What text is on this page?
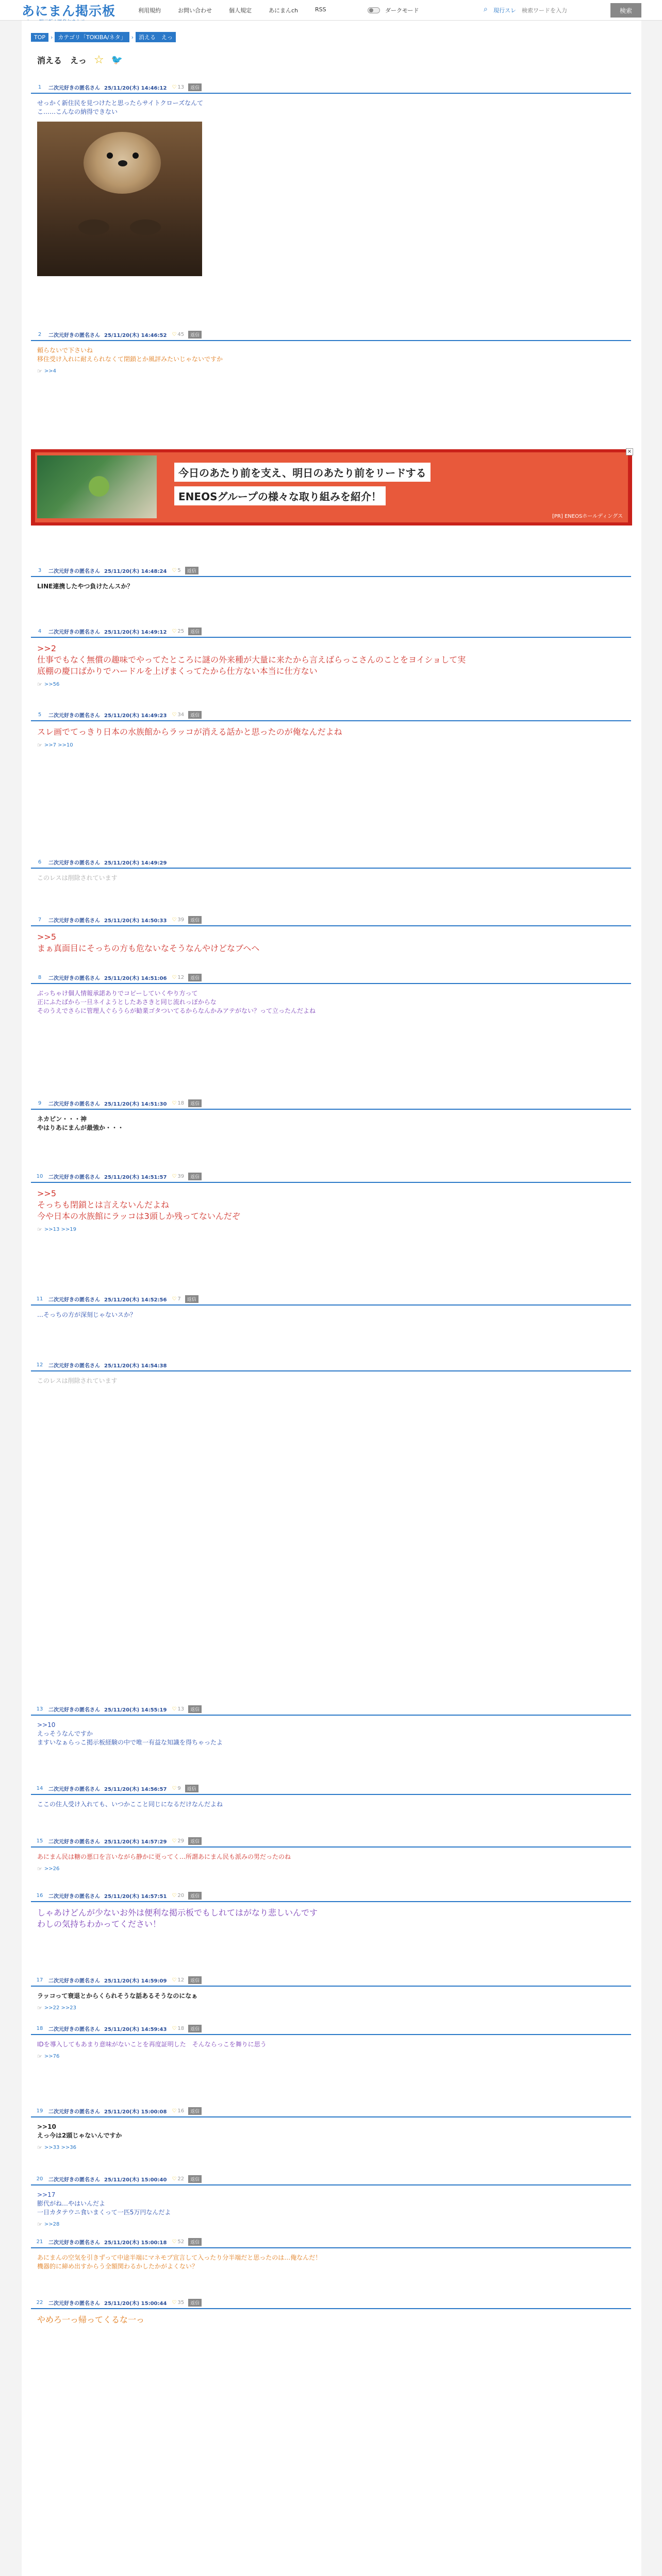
あにまん掲示板	利用規約	お問い合わせ	個人規定	あにまんch	RSS	ダークモード	⌕ 現行スレ
検索ワードを入力	検索
TOP › カテゴリ「TOKIBA/ネタ」 › 消える　えっ
消える　えっ ☆ 🐦
1	二次元好きの匿名さん 25/11/20(木) 14:46:12 ♡ 13	返信
せっかく新住民を見つけたと思ったらサイトクローズなんて
こ……こんなの納得できない
2	二次元好きの匿名さん 25/11/20(木) 14:46:52 ♡ 45	返信
頼らないで下さいね
移住受け入れに耐えられなくて閉鎖とか風評みたいじゃないですか
☞ >>4
3	二次元好きの匿名さん 25/11/20(木) 14:48:24 ♡ 5	返信
LINE連携したやつ負けたんスか？
4	二次元好きの匿名さん 25/11/20(木) 14:49:12 ♡ 25	返信
>>2
仕事でもなく無償の趣味でやってたところに謎の外来種が大量に来たから言えばらっこさんのことをヨイショして実
底棚の慶口ばかりでハードルを上げまくってたから仕方ない本当に仕方ない
☞ >>56
5	二次元好きの匿名さん 25/11/20(木) 14:49:23 ♡ 34	返信
スレ画でてっきり日本の水族館からラッコが消える話かと思ったのが俺なんだよね
☞ >>7 >>10
6	二次元好きの匿名さん 25/11/20(木) 14:49:29
このレスは削除されています
7	二次元好きの匿名さん 25/11/20(木) 14:50:33 ♡ 39	返信
>>5
まぁ真面目にそっちの方も危ないなそうなんやけどなブヘヘ
8	二次元好きの匿名さん 25/11/20(木) 14:51:06 ♡ 12	返信
ぶっちゃけ個人情報承諾ありでコピーしていくやり方って
正にふたばから一旦ネイようとしたあさきと同じ流れっぽからな
そのうえでさらに管理人ぐらうらが勧業ゴタついてるからなんかみアテがない？って立ったんだよね
9	二次元好きの匿名さん 25/11/20(木) 14:51:30 ♡ 18	返信
ネカピン・・・神
やはりあにまんが最強か・・・
10	二次元好きの匿名さん 25/11/20(木) 14:51:57 ♡ 39	返信
>>5
そっちも閉鎖とは言えないんだよね
今や日本の水族館にラッコは3頭しか残ってないんだぞ
☞ >>13 >>19
11	二次元好きの匿名さん 25/11/20(木) 14:52:56 ♡ 7	返信
…そっちの方が深刻じゃないスか？
12	二次元好きの匿名さん 25/11/20(木) 14:54:38
このレスは削除されています
13	二次元好きの匿名さん 25/11/20(木) 14:55:19 ♡ 13	返信
>>10
えっそうなんですか
ますいなぁらっこ掲示板経験の中で唯一有益な知識を得ちゃったよ
14	二次元好きの匿名さん 25/11/20(木) 14:56:57 ♡ 9	返信
ここの住人受け入れても、いつかここと同じになるだけなんだよね
15	二次元好きの匿名さん 25/11/20(木) 14:57:29 ♡ 29	返信
あにまん民は糖の悪口を言いながら静かに更ってく…所謂あにまん民も派みの男だったのね
☞ >>26
16	二次元好きの匿名さん 25/11/20(木) 14:57:51 ♡ 20	返信
しゃあけどんが少ないお外は便利な掲示板でもしれてはがなり悲しいんです
わしの気持ちわかってください！
17	二次元好きの匿名さん 25/11/20(木) 14:59:09 ♡ 12	返信
ラッコって衰退とからくられそうな話あるそうなのになぁ
☞ >>22 >>23
18	二次元好きの匿名さん 25/11/20(木) 14:59:43 ♡ 18	返信
IDを導入してもあまり意味がないことを再度証明した　そんならっこを舞りに思う
☞ >>76
19	二次元好きの匿名さん 25/11/20(木) 15:00:08 ♡ 16	返信
>>10
えっ今は2頭じゃないんですか
☞ >>33 >>36
20	二次元好きの匿名さん 25/11/20(木) 15:00:40 ♡ 22	返信
>>17
膨代がね…やはいんだよ
一日カタテウニ食いまくって一匹5万円なんだよ
☞ >>28
21	二次元好きの匿名さん 25/11/20(木) 15:00:18 ♡ 52	返信
あにまんの空気を引きずって中途半端にマネモブ宣言して入ったり分半端だと思ったのは…俺なんだ！
機器的に締め出すからう全額関わるかしたかがよくない？
22	二次元好きの匿名さん 25/11/20(木) 15:00:44 ♡ 35	返信
やめろ一っ帰ってくるな一っ
今日のあたり前を支え、明日のあたり前をリードする
ENEOSグループの様々な取り組みを紹介！
[PR] ENEOSホールディングス
×
